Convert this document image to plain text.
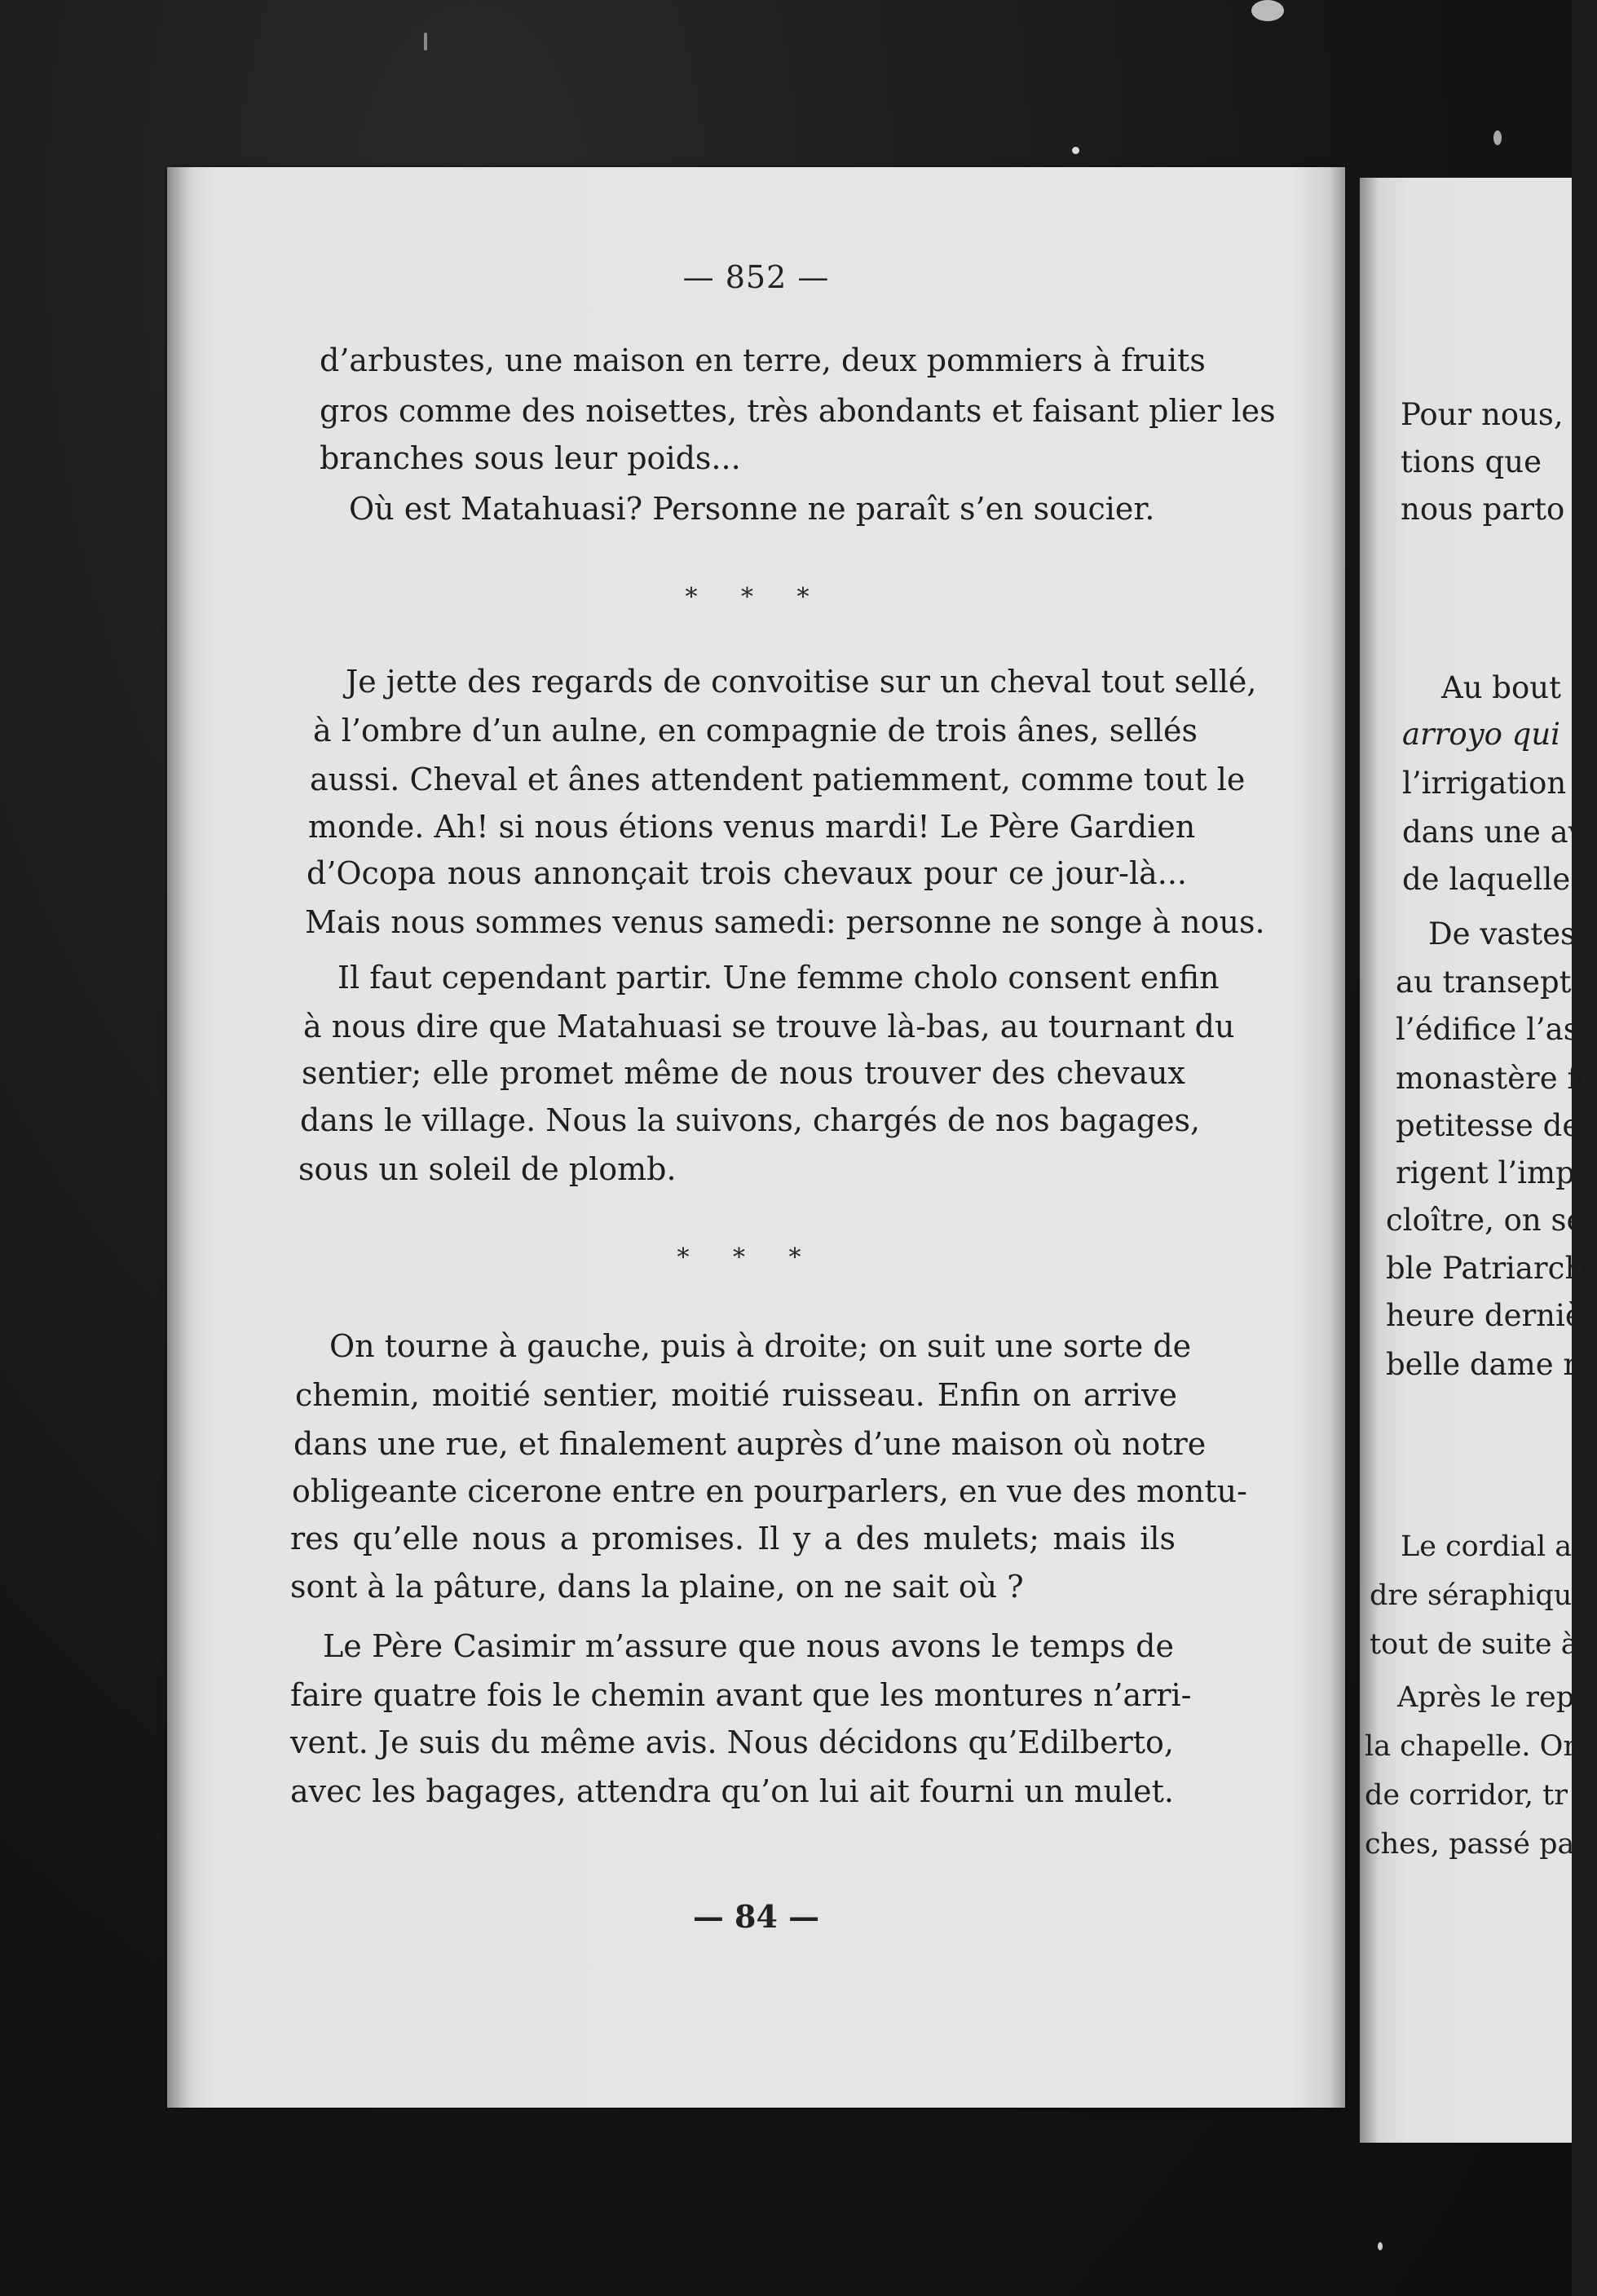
— 852 —
d’arbustes, une maison en terre, deux pommiers à fruits
gros comme des noisettes, très abondants et faisant plier les
branches sous leur poids...
Où est Matahuasi? Personne ne paraît s’en soucier.
* * *
Je jette des regards de convoitise sur un cheval tout sellé,
à l’ombre d’un aulne, en compagnie de trois ânes, sellés
aussi. Cheval et ânes attendent patiemment, comme tout le
monde. Ah! si nous étions venus mardi! Le Père Gardien
d’Ocopa nous annonçait trois chevaux pour ce jour-là...
Mais nous sommes venus samedi: personne ne songe à nous.
Il faut cependant partir. Une femme cholo consent enfin
à nous dire que Matahuasi se trouve là-bas, au tournant du
sentier; elle promet même de nous trouver des chevaux
dans le village. Nous la suivons, chargés de nos bagages,
sous un soleil de plomb.
* * *
On tourne à gauche, puis à droite; on suit une sorte de
chemin, moitié sentier, moitié ruisseau. Enfin on arrive
dans une rue, et finalement auprès d’une maison où notre
obligeante cicerone entre en pourparlers, en vue des montu-
res qu’elle nous a promises. Il y a des mulets; mais ils
sont à la pâture, dans la plaine, on ne sait où ?
Le Père Casimir m’assure que nous avons le temps de
faire quatre fois le chemin avant que les montures n’arri-
vent. Je suis du même avis. Nous décidons qu’Edilberto,
avec les bagages, attendra qu’on lui ait fourni un mulet.
— 84 —
Pour nous,
tions que
nous parto
Au bout
arroyo qui
l’irrigation
dans une av
de laquelle
De vastes
au transept
l’édifice l’as
monastère fr
petitesse des
rigent l’impr
cloître, on se
ble Patriarch
heure dernièr
belle dame m
Le cordial a
dre séraphique
tout de suite à
Après le rep
la chapelle. On
de corridor, tr
ches, passé par
